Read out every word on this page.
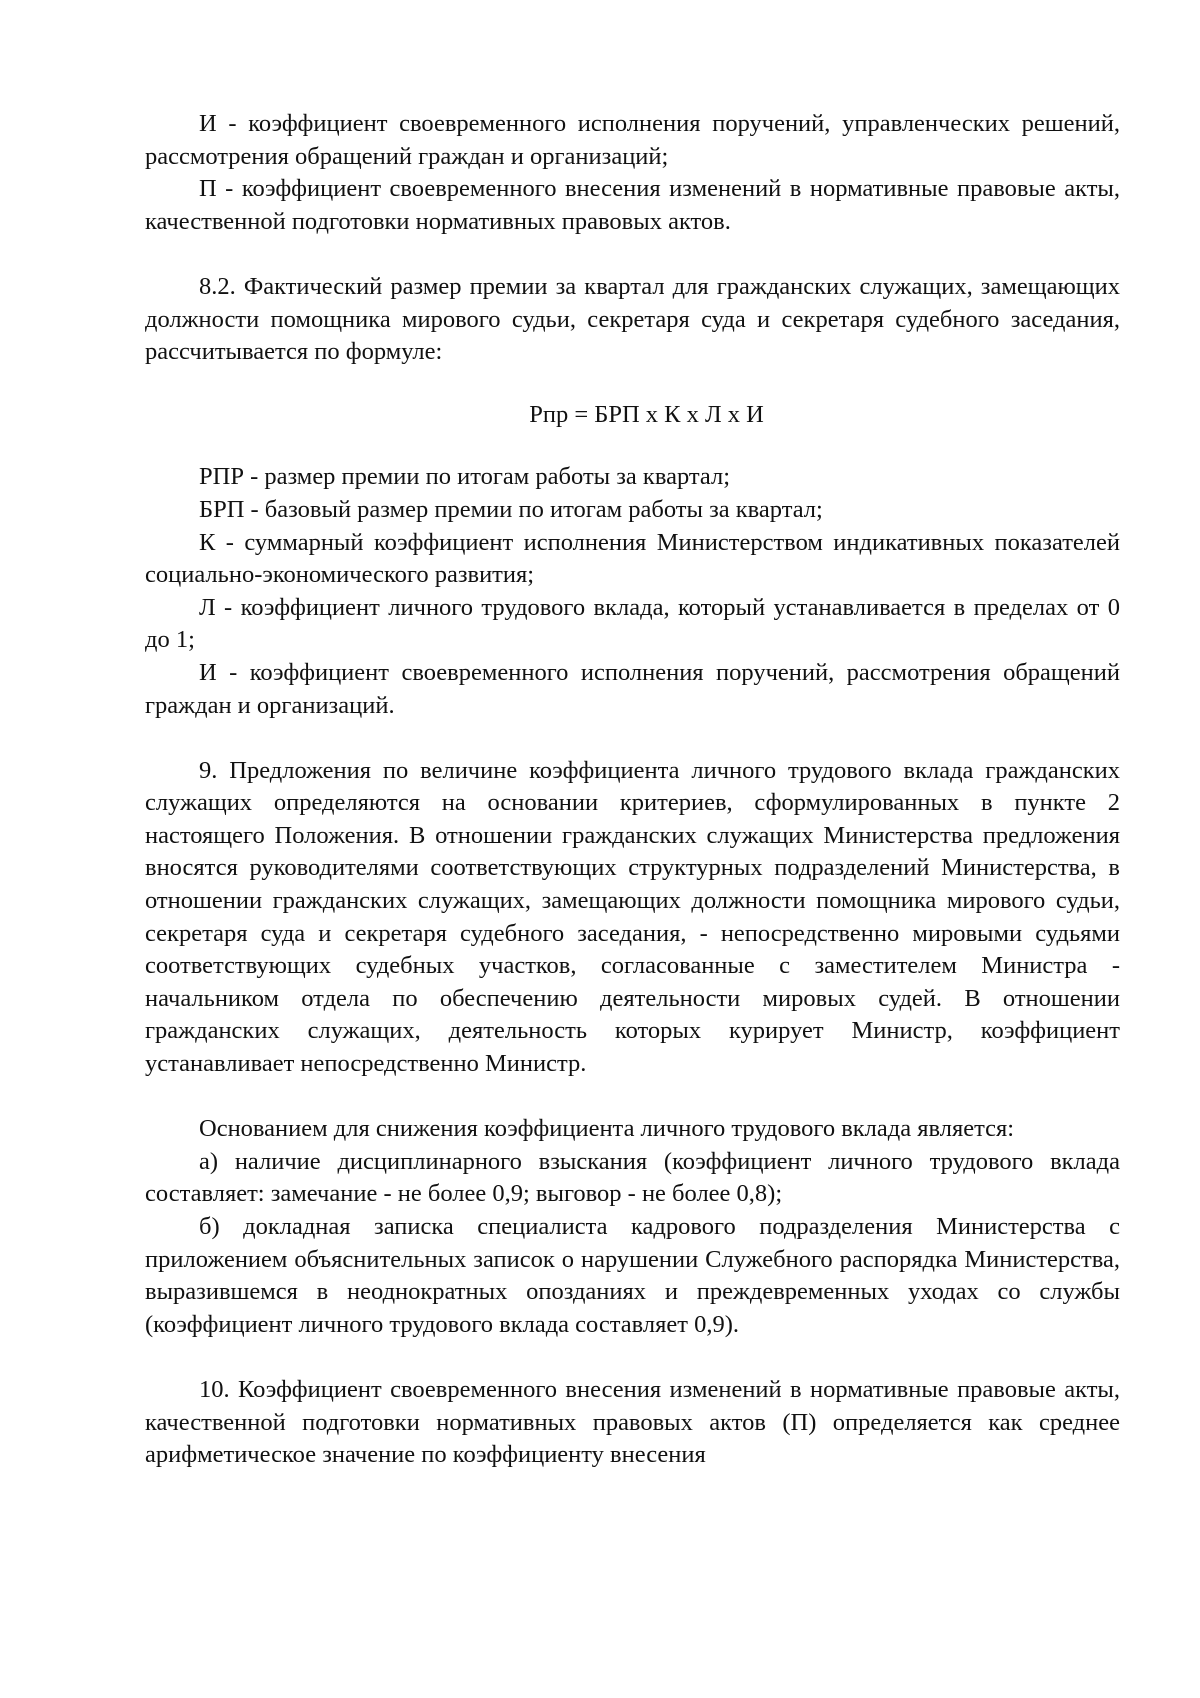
И - коэффициент своевременного исполнения поручений, управленческих решений, рассмотрения обращений граждан и организаций;

П - коэффициент своевременного внесения изменений в нормативные правовые акты, качественной подготовки нормативных правовых актов.

8.2. Фактический размер премии за квартал для гражданских служащих, замещающих должности помощника мирового судьи, секретаря суда и секретаря судебного заседания, рассчитывается по формуле:

Рпр = БРП х К х Л х И

РПР - размер премии по итогам работы за квартал;

БРП - базовый размер премии по итогам работы за квартал;

К - суммарный коэффициент исполнения Министерством индикативных показателей социально-экономического развития;

Л - коэффициент личного трудового вклада, который устанавливается в пределах от 0 до 1;

И - коэффициент своевременного исполнения поручений, рассмотрения обращений граждан и организаций.

9. Предложения по величине коэффициента личного трудового вклада гражданских служащих определяются на основании критериев, сформулированных в пункте 2 настоящего Положения. В отношении гражданских служащих Министерства предложения вносятся руководителями соответствующих структурных подразделений Министерства, в отношении гражданских служащих, замещающих должности помощника мирового судьи, секретаря суда и секретаря судебного заседания, - непосредственно мировыми судьями соответствующих судебных участков, согласованные с заместителем Министра - начальником отдела по обеспечению деятельности мировых судей. В отношении гражданских служащих, деятельность которых курирует Министр, коэффициент устанавливает непосредственно Министр.

Основанием для снижения коэффициента личного трудового вклада является:

а) наличие дисциплинарного взыскания (коэффициент личного трудового вклада составляет: замечание - не более 0,9; выговор - не более 0,8);

б) докладная записка специалиста кадрового подразделения Министерства с приложением объяснительных записок о нарушении Служебного распорядка Министерства, выразившемся в неоднократных опозданиях и преждевременных уходах со службы (коэффициент личного трудового вклада составляет 0,9).

10. Коэффициент своевременного внесения изменений в нормативные правовые акты, качественной подготовки нормативных правовых актов (П) определяется как среднее арифметическое значение по коэффициенту внесения
